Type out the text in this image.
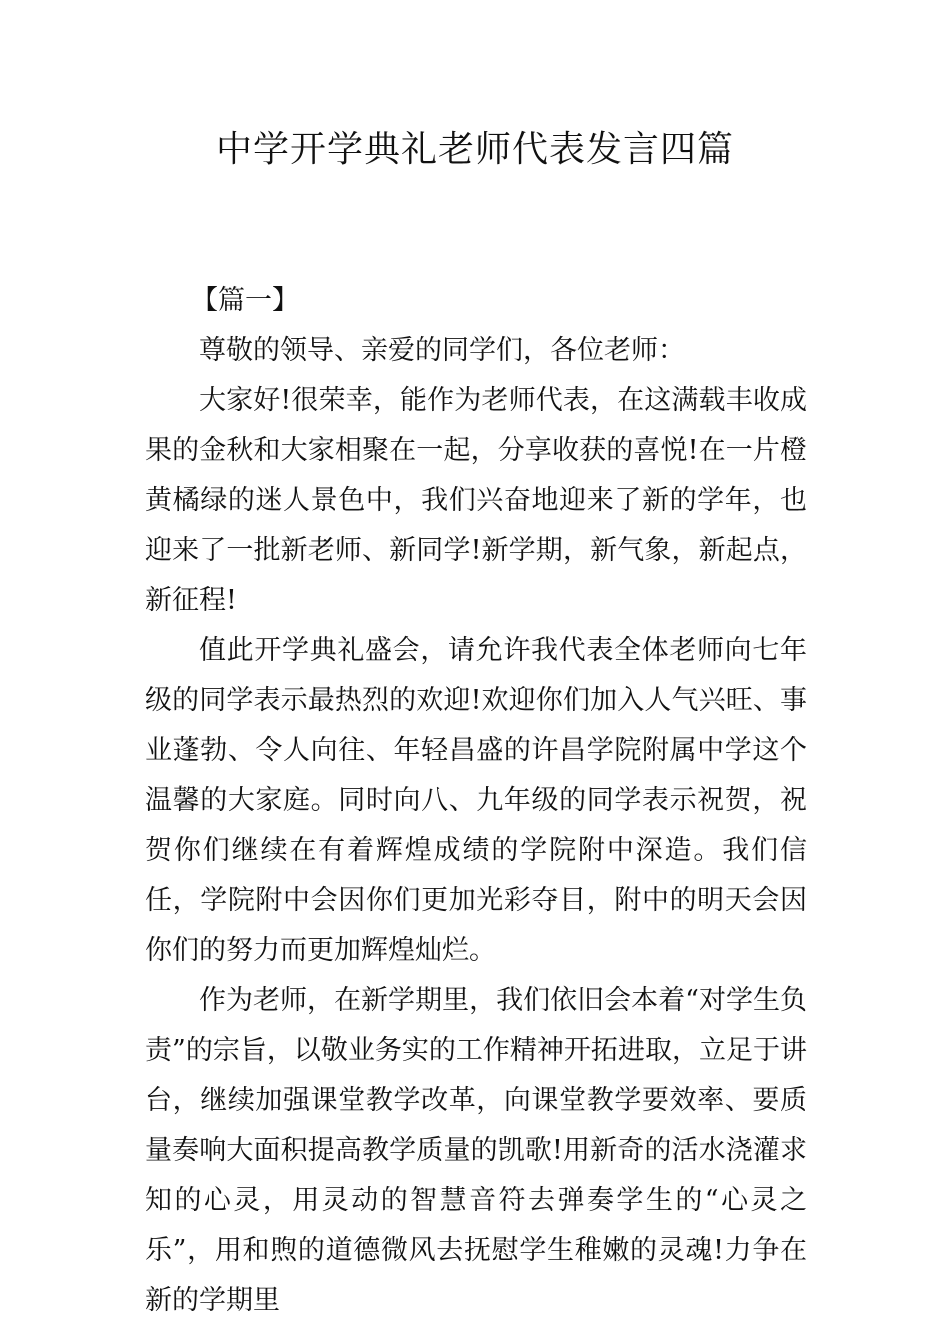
中学开学典礼老师代表发言四篇

【篇一】

尊敬的领导、亲爱的同学们，各位老师：

大家好!很荣幸，能作为老师代表，在这满载丰收成果的金秋和大家相聚在一起，分享收获的喜悦!在一片橙黄橘绿的迷人景色中，我们兴奋地迎来了新的学年，也迎来了一批新老师、新同学!新学期，新气象，新起点，新征程!

值此开学典礼盛会，请允许我代表全体老师向七年级的同学表示最热烈的欢迎!欢迎你们加入人气兴旺、事业蓬勃、令人向往、年轻昌盛的许昌学院附属中学这个温馨的大家庭。同时向八、九年级的同学表示祝贺，祝贺你们继续在有着辉煌成绩的学院附中深造。我们信任，学院附中会因你们更加光彩夺目，附中的明天会因你们的努力而更加辉煌灿烂。

作为老师，在新学期里，我们依旧会本着“对学生负责”的宗旨，以敬业务实的工作精神开拓进取，立足于讲台，继续加强课堂教学改革，向课堂教学要效率、要质量奏响大面积提高教学质量的凯歌!用新奇的活水浇灌求知的心灵，用灵动的智慧音符去弹奏学生的“心灵之乐”，用和煦的道德微风去抚慰学生稚嫩的灵魂!力争在新的学期里
